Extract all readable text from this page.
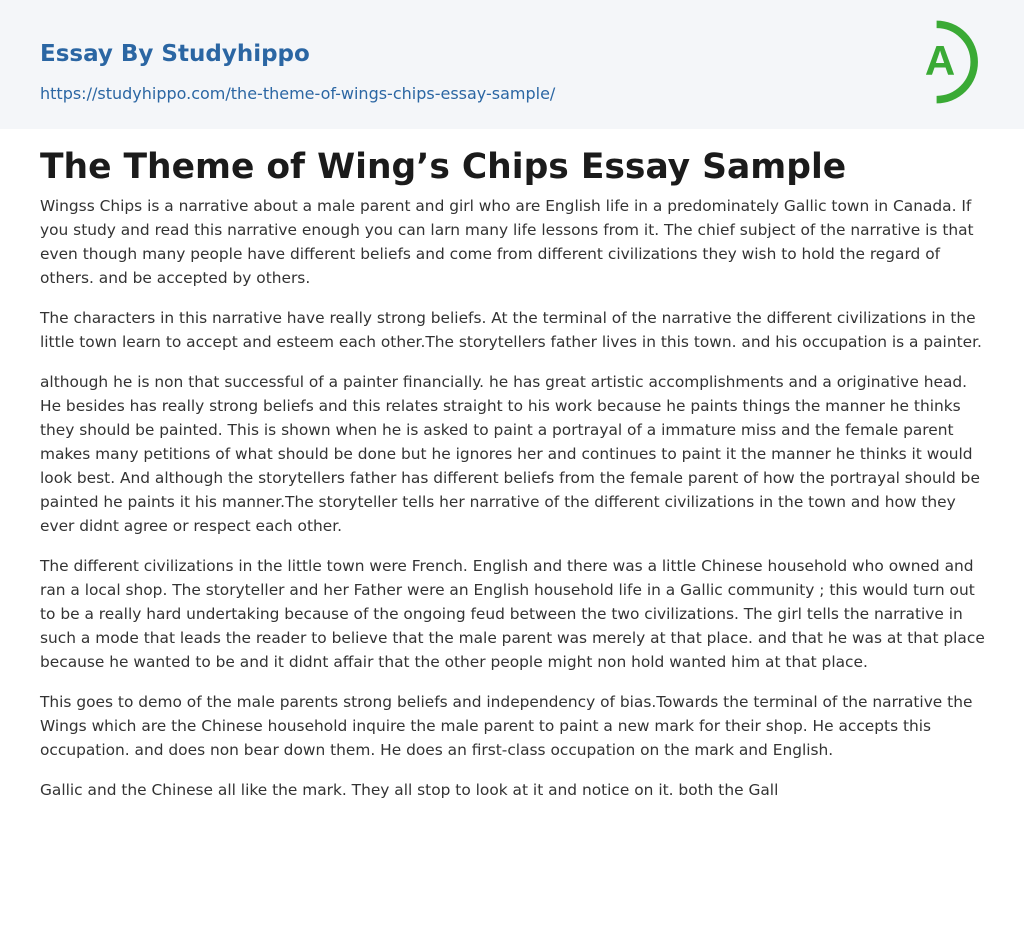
Essay By Studyhippo
https://studyhippo.com/the-theme-of-wings-chips-essay-sample/
A
The Theme of Wing’s Chips Essay Sample

Wingss Chips is a narrative about a male parent and girl who are English life in a predominately Gallic town in Canada. If you study and read this narrative enough you can larn many life lessons from it. The chief subject of the narrative is that even though many people have different beliefs and come from different civilizations they wish to hold the regard of others. and be accepted by others.

The characters in this narrative have really strong beliefs. At the terminal of the narrative the different civilizations in the little town learn to accept and esteem each other.The storytellers father lives in this town. and his occupation is a painter.

although he is non that successful of a painter financially. he has great artistic accomplishments and a originative head. He besides has really strong beliefs and this relates straight to his work because he paints things the manner he thinks they should be painted. This is shown when he is asked to paint a portrayal of a immature miss and the female parent makes many petitions of what should be done but he ignores her and continues to paint it the manner he thinks it would look best. And although the storytellers father has different beliefs from the female parent of how the portrayal should be painted he paints it his manner.The storyteller tells her narrative of the different civilizations in the town and how they ever didnt agree or respect each other.

The different civilizations in the little town were French. English and there was a little Chinese household who owned and ran a local shop. The storyteller and her Father were an English household life in a Gallic community ; this would turn out to be a really hard undertaking because of the ongoing feud between the two civilizations. The girl tells the narrative in such a mode that leads the reader to believe that the male parent was merely at that place. and that he was at that place because he wanted to be and it didnt affair that the other people might non hold wanted him at that place.

This goes to demo of the male parents strong beliefs and independency of bias.Towards the terminal of the narrative the Wings which are the Chinese household inquire the male parent to paint a new mark for their shop. He accepts this occupation. and does non bear down them. He does an first-class occupation on the mark and English.

Gallic and the Chinese all like the mark. They all stop to look at it and notice on it. both the Gall
